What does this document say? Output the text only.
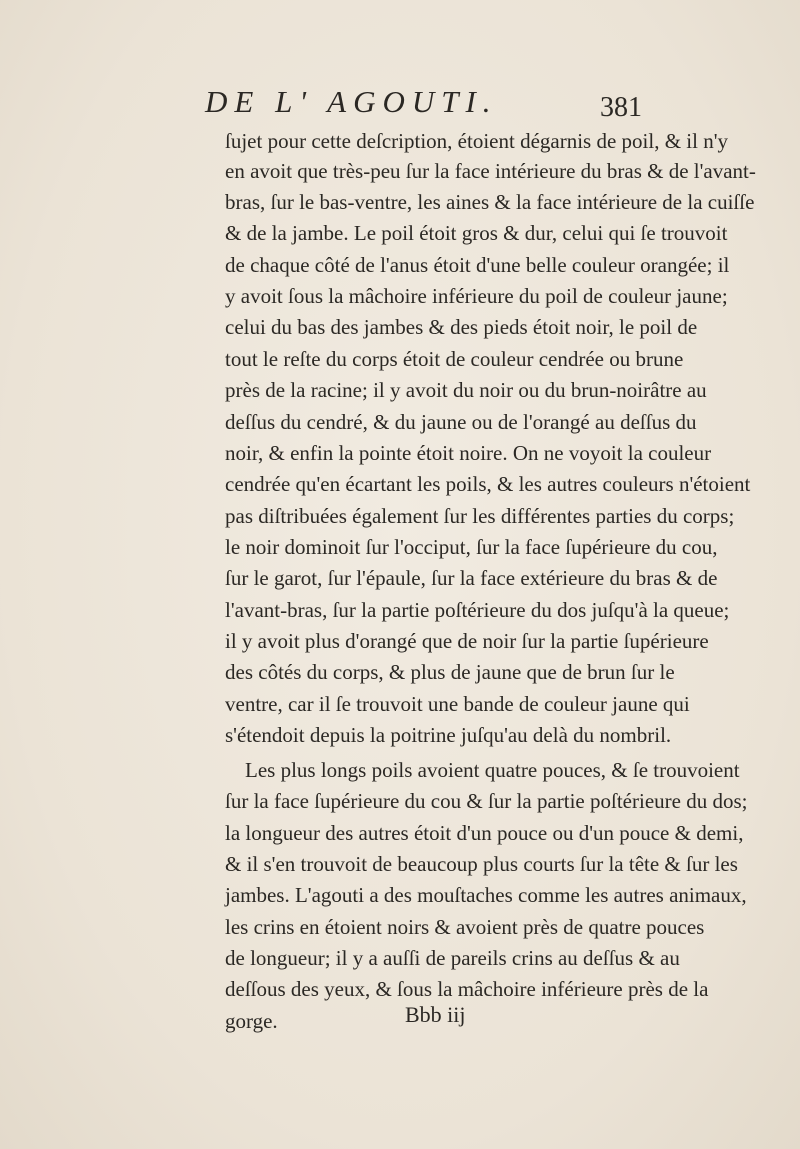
DE L' AGOUTI.	381
ſujet pour cette deſcription, étoient dégarnis de poil, & il n'y
en avoit que très-peu ſur la face intérieure du bras & de l'avant-
bras, ſur le bas-ventre, les aines & la face intérieure de la cuiſſe
& de la jambe. Le poil étoit gros & dur, celui qui ſe trouvoit
de chaque côté de l'anus étoit d'une belle couleur orangée; il
y avoit ſous la mâchoire inférieure du poil de couleur jaune;
celui du bas des jambes & des pieds étoit noir, le poil de
tout le reſte du corps étoit de couleur cendrée ou brune
près de la racine; il y avoit du noir ou du brun-noirâtre au
deſſus du cendré, & du jaune ou de l'orangé au deſſus du
noir, & enfin la pointe étoit noire. On ne voyoit la couleur
cendrée qu'en écartant les poils, & les autres couleurs n'étoient
pas diſtribuées également ſur les différentes parties du corps;
le noir dominoit ſur l'occiput, ſur la face ſupérieure du cou,
ſur le garot, ſur l'épaule, ſur la face extérieure du bras & de
l'avant-bras, ſur la partie poſtérieure du dos juſqu'à la queue;
il y avoit plus d'orangé que de noir ſur la partie ſupérieure
des côtés du corps, & plus de jaune que de brun ſur le
ventre, car il ſe trouvoit une bande de couleur jaune qui
s'étendoit depuis la poitrine juſqu'au delà du nombril.
Les plus longs poils avoient quatre pouces, & ſe trouvoient
ſur la face ſupérieure du cou & ſur la partie poſtérieure du dos;
la longueur des autres étoit d'un pouce ou d'un pouce & demi,
& il s'en trouvoit de beaucoup plus courts ſur la tête & ſur les
jambes. L'agouti a des mouſtaches comme les autres animaux,
les crins en étoient noirs & avoient près de quatre pouces
de longueur; il y a auſſi de pareils crins au deſſus & au
deſſous des yeux, & ſous la mâchoire inférieure près de la
gorge.	Bbb iij
